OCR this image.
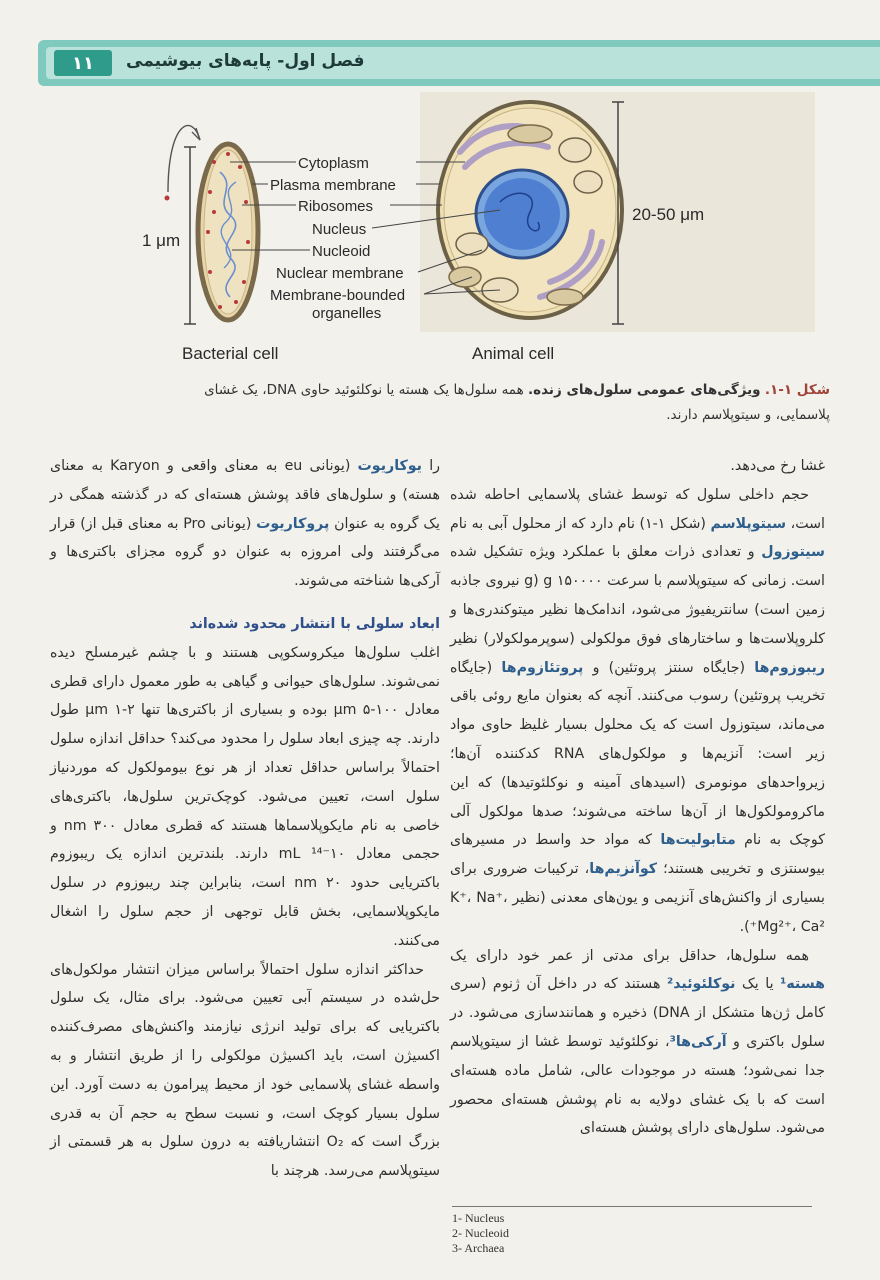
۱۱	فصل اول- پایه‌های بیوشیمی
1 μm
20-50 μm
Cytoplasm
Plasma membrane
Ribosomes
Nucleus
Nucleoid
Nuclear membrane
Membrane-bounded
organelles
Bacterial cell	Animal cell
شکل ۱-۱. ویژگی‌های عمومی سلول‌های زنده. همه سلول‌ها یک هسته یا نوکلئوئید حاوی DNA، یک غشای
پلاسمایی، و سیتوپلاسم دارند.

غشا رخ می‌دهد.

حجم داخلی سلول که توسط غشای پلاسمایی احاطه شده است، سیتوپلاسم (شکل ۱-۱) نام دارد که از محلول آبی به نام سیتوزول و تعدادی ذرات معلق با عملکرد ویژه تشکیل شده است. زمانی که سیتوپلاسم با سرعت ۱۵۰۰۰۰ g (g نیروی جاذبه زمین است) سانتریفیوژ می‌شود، اندامک‌ها نظیر میتوکندری‌ها و کلروپلاست‌ها و ساختارهای فوق مولکولی (سوپرمولکولار) نظیر ریبوزوم‌ها (جایگاه سنتز پروتئین) و پروتئازوم‌ها (جایگاه تخریب پروتئین) رسوب می‌کنند. آنچه که بعنوان مایع روئی باقی می‌ماند، سیتوزول است که یک محلول بسیار غلیظ حاوی مواد زیر است: آنزیم‌ها و مولکول‌های RNA کدکننده آن‌ها؛ زیرواحدهای مونومری (اسیدهای آمینه و نوکلئوتیدها) که این ماکرومولکول‌ها از آن‌ها ساخته می‌شوند؛ صدها مولکول آلی کوچک به نام متابولیت‌ها که مواد حد واسط در مسیرهای بیوسنتزی و تخریبی هستند؛ کوآنزیم‌ها، ترکیبات ضروری برای بسیاری از واکنش‌های آنزیمی و یون‌های معدنی (نظیر K⁺، Na⁺، Mg²⁺، Ca²⁺).

همه سلول‌ها، حداقل برای مدتی از عمر خود دارای یک هسته¹ یا یک نوکلئوئید² هستند که در داخل آن ژنوم (سری کامل ژن‌ها متشکل از DNA) ذخیره و همانندسازی می‌شود. در سلول باکتری و آرکی‌ها³، نوکلئوئید توسط غشا از سیتوپلاسم جدا نمی‌شود؛ هسته در موجودات عالی، شامل ماده هسته‌ای است که با یک غشای دولایه به نام پوشش هسته‌ای محصور می‌شود. سلول‌های دارای پوشش هسته‌ای

را یوکاریوت (یونانی eu به معنای واقعی و Karyon به معنای هسته) و سلول‌های فاقد پوشش هسته‌ای که در گذشته همگی در یک گروه به عنوان پروکاریوت (یونانی Pro به معنای قبل از) قرار می‌گرفتند ولی امروزه به عنوان دو گروه مجزای باکتری‌ها و آرکی‌ها شناخته می‌شوند.

ابعاد سلولی با انتشار محدود شده‌اند

اغلب سلول‌ها میکروسکوپی هستند و با چشم غیرمسلح دیده نمی‌شوند. سلول‌های حیوانی و گیاهی به طور معمول دارای قطری معادل ۱۰۰-۵ μm بوده و بسیاری از باکتری‌ها تنها ۲-۱ μm طول دارند. چه چیزی ابعاد سلول را محدود می‌کند؟ حداقل اندازه سلول احتمالاً براساس حداقل تعداد از هر نوع بیومولکول که موردنیاز سلول است، تعیین می‌شود. کوچک‌ترین سلول‌ها، باکتری‌های خاصی به نام مایکوپلاسماها هستند که قطری معادل ۳۰۰ nm و حجمی معادل ۱۰⁻¹⁴ mL دارند. بلندترین اندازه یک ریبوزوم باکتریایی حدود ۲۰ nm است، بنابراین چند ریبوزوم در سلول مایکوپلاسمایی، بخش قابل توجهی از حجم سلول را اشغال می‌کنند.

حداکثر اندازه سلول احتمالاً براساس میزان انتشار مولکول‌های حل‌شده در سیستم آبی تعیین می‌شود. برای مثال، یک سلول باکتریایی که برای تولید انرژی نیازمند واکنش‌های مصرف‌کننده اکسیژن است، باید اکسیژن مولکولی را از طریق انتشار و به واسطه غشای پلاسمایی خود از محیط پیرامون به دست آورد. این سلول بسیار کوچک است، و نسبت سطح به حجم آن به قدری بزرگ است که O₂ انتشاریافته به درون سلول به هر قسمتی از سیتوپلاسم می‌رسد. هرچند با

1- Nucleus
2- Nucleoid
3- Archaea
